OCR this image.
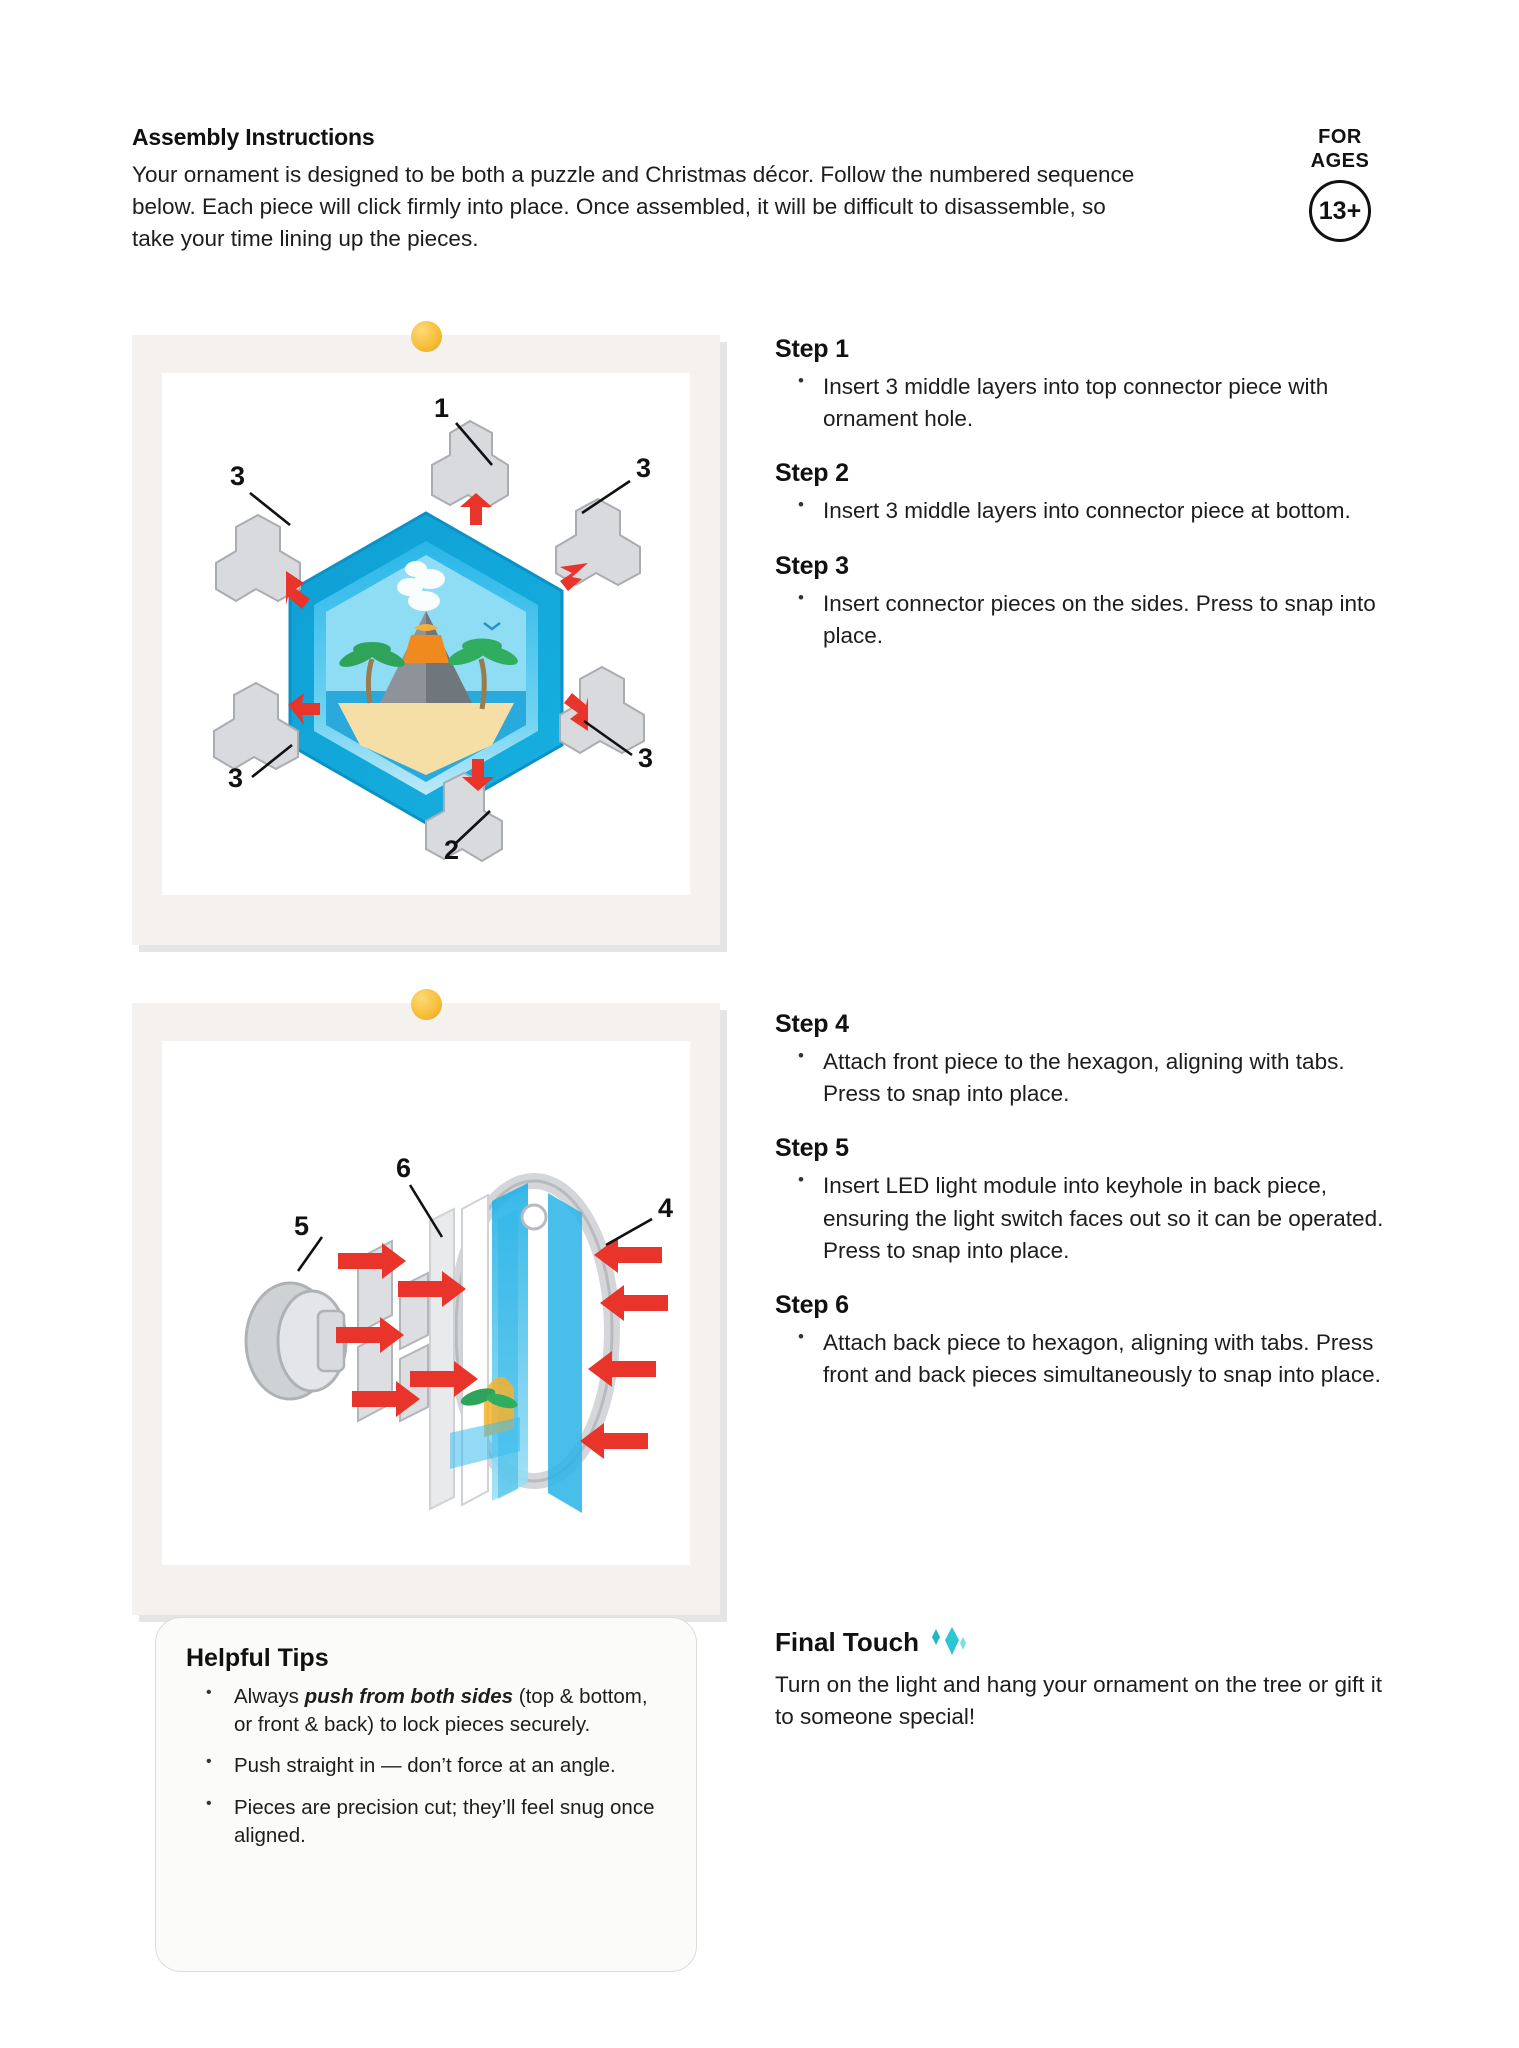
Assembly Instructions

Your ornament is designed to be both a puzzle and Christmas décor. Follow the numbered sequence below. Each piece will click firmly into place. Once assembled, it will be difficult to disassemble, so take your time lining up the pieces.

FOR
AGES
13+
1
3
3
2
3
3
Step 1
• Insert 3 middle layers into top connector piece with ornament hole.
Step 2
• Insert 3 middle layers into connector piece at bottom.
Step 3
• Insert connector pieces on the sides. Press to snap into place.
6
5
4
Step 4
• Attach front piece to the hexagon, aligning with tabs. Press to snap into place.
Step 5
• Insert LED light module into keyhole in back piece, ensuring the light switch faces out so it can be operated. Press to snap into place.
Step 6
• Attach back piece to hexagon, aligning with tabs. Press front and back pieces simultaneously to snap into place.
Helpful Tips
• Always push from both sides (top & bottom, or front & back) to lock pieces securely.
• Push straight in — don’t force at an angle.
• Pieces are precision cut; they’ll feel snug once aligned.
Final Touch

Turn on the light and hang your ornament on the tree or gift it to someone special!
